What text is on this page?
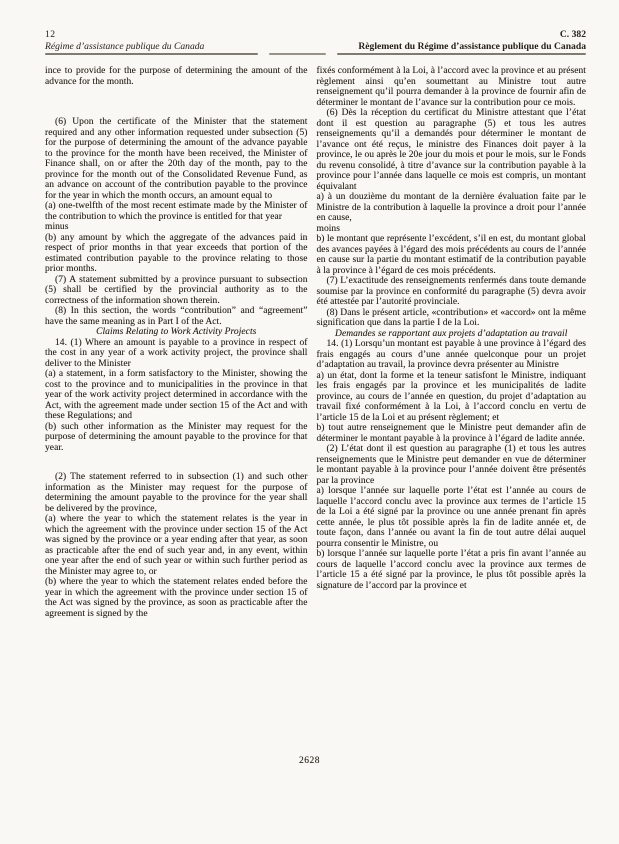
12
Régime d’assistance publique du Canada
C. 382
Règlement du Régime d’assistance publique du Canada

ince to provide for the purpose of determining the amount of the advance for the month.

(6) Upon the certificate of the Minister that the statement required and any other information requested under subsection (5) for the purpose of determining the amount of the advance payable to the province for the month have been received, the Minister of Finance shall, on or after the 20th day of the month, pay to the province for the month out of the Consolidated Revenue Fund, as an advance on account of the contribution payable to the province for the year in which the month occurs, an amount equal to

(a) one-twelfth of the most recent estimate made by the Minister of the contribution to which the province is entitled for that year

minus

(b) any amount by which the aggregate of the advances paid in respect of prior months in that year exceeds that portion of the estimated contribution payable to the province relating to those prior months.

(7) A statement submitted by a province pursuant to subsection (5) shall be certified by the provincial authority as to the correctness of the information shown therein.

(8) In this section, the words “contribution” and “agreement” have the same meaning as in Part I of the Act.

Claims Relating to Work Activity Projects

14. (1) Where an amount is payable to a province in respect of the cost in any year of a work activity project, the province shall deliver to the Minister

(a) a statement, in a form satisfactory to the Minister, showing the cost to the province and to municipalities in the province in that year of the work activity project determined in accordance with the Act, with the agreement made under section 15 of the Act and with these Regulations; and

(b) such other information as the Minister may request for the purpose of determining the amount payable to the province for that year.

(2) The statement referred to in subsection (1) and such other information as the Minister may request for the purpose of determining the amount payable to the province for the year shall be delivered by the province,

(a) where the year to which the statement relates is the year in which the agreement with the province under section 15 of the Act was signed by the province or a year ending after that year, as soon as practicable after the end of such year and, in any event, within one year after the end of such year or within such further period as the Minister may agree to, or

(b) where the year to which the statement relates ended before the year in which the agreement with the province under section 15 of the Act was signed by the province, as soon as practicable after the agreement is signed by the

fixés conformément à la Loi, à l’accord avec la province et au présent règlement ainsi qu’en soumettant au Ministre tout autre renseignement qu’il pourra demander à la province de fournir afin de déterminer le montant de l’avance sur la contribution pour ce mois.

(6) Dès la réception du certificat du Ministre attestant que l’état dont il est question au paragraphe (5) et tous les autres renseignements qu’il a demandés pour déterminer le montant de l’avance ont été reçus, le ministre des Finances doit payer à la province, le ou après le 20e jour du mois et pour le mois, sur le Fonds du revenu consolidé, à titre d’avance sur la contribution payable à la province pour l’année dans laquelle ce mois est compris, un montant équivalant

a) à un douzième du montant de la dernière évaluation faite par le Ministre de la contribution à laquelle la province a droit pour l’année en cause,

moins

b) le montant que représente l’excédent, s’il en est, du montant global des avances payées à l’égard des mois précédents au cours de l’année en cause sur la partie du montant estimatif de la contribution payable à la province à l’égard de ces mois précédents.

(7) L’exactitude des renseignements renfermés dans toute demande soumise par la province en conformité du paragraphe (5) devra avoir été attestée par l’autorité provinciale.

(8) Dans le présent article, «contribution» et «accord» ont la même signification que dans la partie I de la Loi.

Demandes se rapportant aux projets d’adaptation au travail

14. (1) Lorsqu’un montant est payable à une province à l’égard des frais engagés au cours d’une année quelconque pour un projet d’adaptation au travail, la province devra présenter au Ministre

a) un état, dont la forme et la teneur satisfont le Ministre, indiquant les frais engagés par la province et les municipalités de ladite province, au cours de l’année en question, du projet d’adaptation au travail fixé conformément à la Loi, à l’accord conclu en vertu de l’article 15 de la Loi et au présent règlement; et

b) tout autre renseignement que le Ministre peut demander afin de déterminer le montant payable à la province à l’égard de ladite année.

(2) L’état dont il est question au paragraphe (1) et tous les autres renseignements que le Ministre peut demander en vue de déterminer le montant payable à la province pour l’année doivent être présentés par la province

a) lorsque l’année sur laquelle porte l’état est l’année au cours de laquelle l’accord conclu avec la province aux termes de l’article 15 de la Loi a été signé par la province ou une année prenant fin après cette année, le plus tôt possible après la fin de ladite année et, de toute façon, dans l’année ou avant la fin de tout autre délai auquel pourra consentir le Ministre, ou

b) lorsque l’année sur laquelle porte l’état a pris fin avant l’année au cours de laquelle l’accord conclu avec la province aux termes de l’article 15 a été signé par la province, le plus tôt possible après la signature de l’accord par la province et

2628
